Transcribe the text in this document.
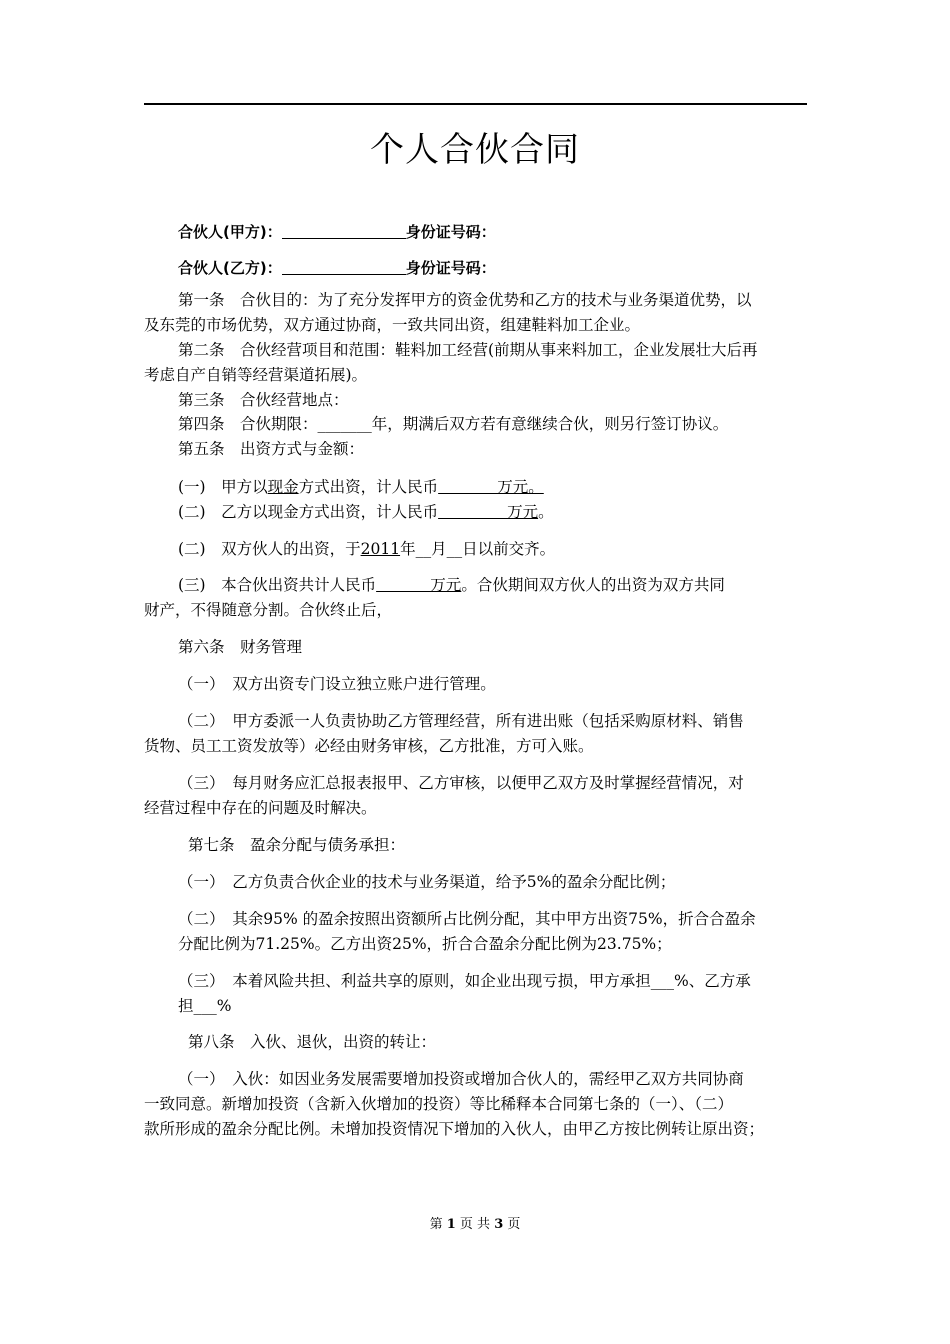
个人合伙合同
合伙人(甲方)：	身份证号码：
合伙人(乙方)：	身份证号码：
第一条　合伙目的：为了充分发挥甲方的资金优势和乙方的技术与业务渠道优势，以
及东莞的市场优势，双方通过协商，一致共同出资，组建鞋料加工企业。
第二条　合伙经营项目和范围：鞋料加工经营(前期从事来料加工，企业发展壮大后再
考虑自产自销等经营渠道拓展)。
第三条　合伙经营地点：
第四条　合伙期限：_______年，期满后双方若有意继续合伙，则另行签订协议。
第五条　出资方式与金额：
(一)　甲方以现金方式出资，计人民币            万元。
(二)　乙方以现金方式出资，计人民币              万元。
(二)　双方伙人的出资，于2011年__月__日以前交齐。
(三)　本合伙出资共计人民币           万元。合伙期间双方伙人的出资为双方共同
财产，不得随意分割。合伙终止后，
第六条　财务管理
（一）　双方出资专门设立独立账户进行管理。
（二）　甲方委派一人负责协助乙方管理经营，所有进出账（包括采购原材料、销售
货物、员工工资发放等）必经由财务审核，乙方批准，方可入账。
（三）　每月财务应汇总报表报甲、乙方审核，以便甲乙双方及时掌握经营情况，对
经营过程中存在的问题及时解决。
第七条　盈余分配与债务承担：
（一）　乙方负责合伙企业的技术与业务渠道，给予5%的盈余分配比例；
（二）　其余95% 的盈余按照出资额所占比例分配，其中甲方出资75%，折合合盈余
分配比例为71.25%。乙方出资25%，折合合盈余分配比例为23.75%；
（三）　本着风险共担、利益共享的原则，如企业出现亏损，甲方承担___%、乙方承
担___%
第八条　入伙、退伙，出资的转让：
（一）　入伙：如因业务发展需要增加投资或增加合伙人的，需经甲乙双方共同协商
一致同意。新增加投资（含新入伙增加的投资）等比稀释本合同第七条的（一）、（二）
款所形成的盈余分配比例。未增加投资情况下增加的入伙人，由甲乙方按比例转让原出资；
第 1 页 共 3 页
